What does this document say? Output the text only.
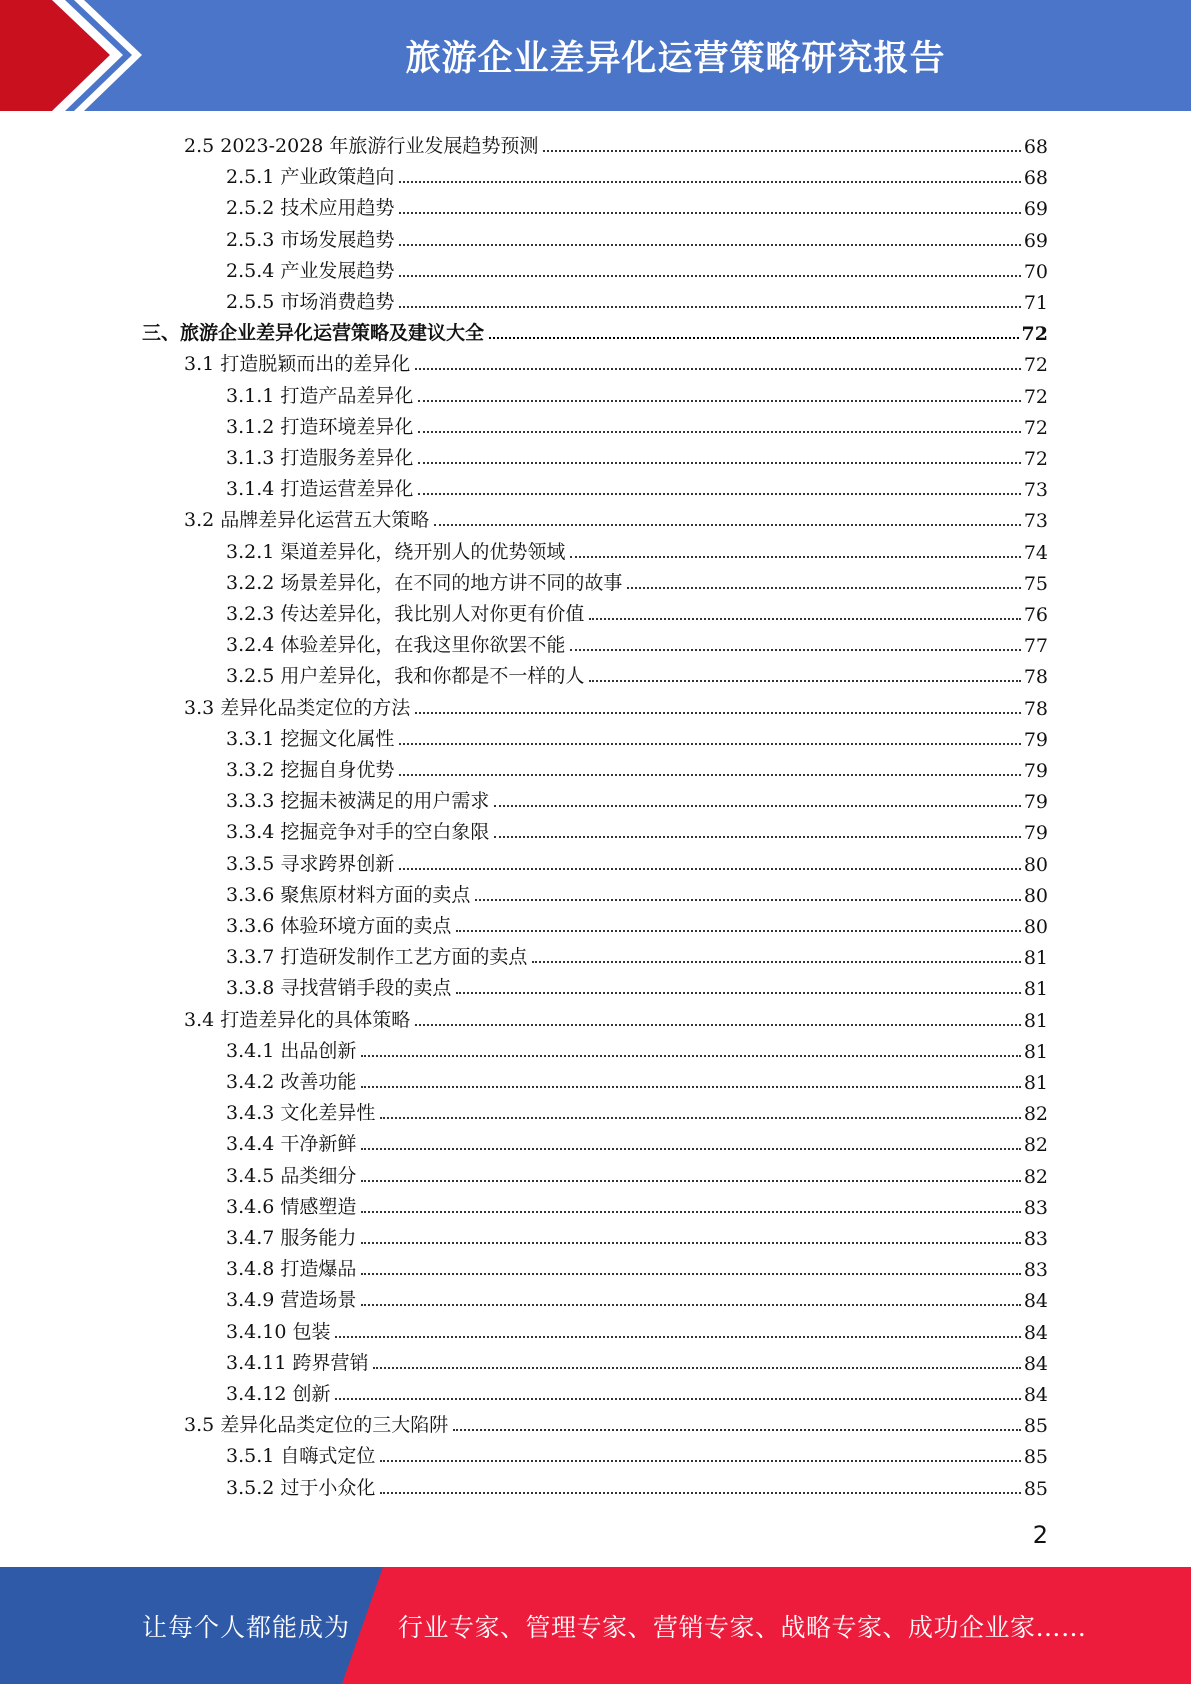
旅游企业差异化运营策略研究报告
2.5 2023-2028 年旅游行业发展趋势预测	68
2.5.1 产业政策趋向	68
2.5.2 技术应用趋势	69
2.5.3 市场发展趋势	69
2.5.4 产业发展趋势	70
2.5.5 市场消费趋势	71
三、旅游企业差异化运营策略及建议大全	72
3.1 打造脱颖而出的差异化	72
3.1.1 打造产品差异化	72
3.1.2 打造环境差异化	72
3.1.3 打造服务差异化	72
3.1.4 打造运营差异化	73
3.2 品牌差异化运营五大策略	73
3.2.1 渠道差异化，绕开别人的优势领域	74
3.2.2 场景差异化，在不同的地方讲不同的故事	75
3.2.3 传达差异化，我比别人对你更有价值	76
3.2.4 体验差异化，在我这里你欲罢不能	77
3.2.5 用户差异化，我和你都是不一样的人	78
3.3 差异化品类定位的方法	78
3.3.1 挖掘文化属性	79
3.3.2 挖掘自身优势	79
3.3.3 挖掘未被满足的用户需求	79
3.3.4 挖掘竞争对手的空白象限	79
3.3.5 寻求跨界创新	80
3.3.6 聚焦原材料方面的卖点	80
3.3.6 体验环境方面的卖点	80
3.3.7 打造研发制作工艺方面的卖点	81
3.3.8 寻找营销手段的卖点	81
3.4 打造差异化的具体策略	81
3.4.1 出品创新	81
3.4.2 改善功能	81
3.4.3 文化差异性	82
3.4.4 干净新鲜	82
3.4.5 品类细分	82
3.4.6 情感塑造	83
3.4.7 服务能力	83
3.4.8 打造爆品	83
3.4.9 营造场景	84
3.4.10 包装	84
3.4.11 跨界营销	84
3.4.12 创新	84
3.5 差异化品类定位的三大陷阱	85
3.5.1 自嗨式定位	85
3.5.2 过于小众化	85
2
让每个人都能成为 行业专家、管理专家、营销专家、战略专家、成功企业家……
